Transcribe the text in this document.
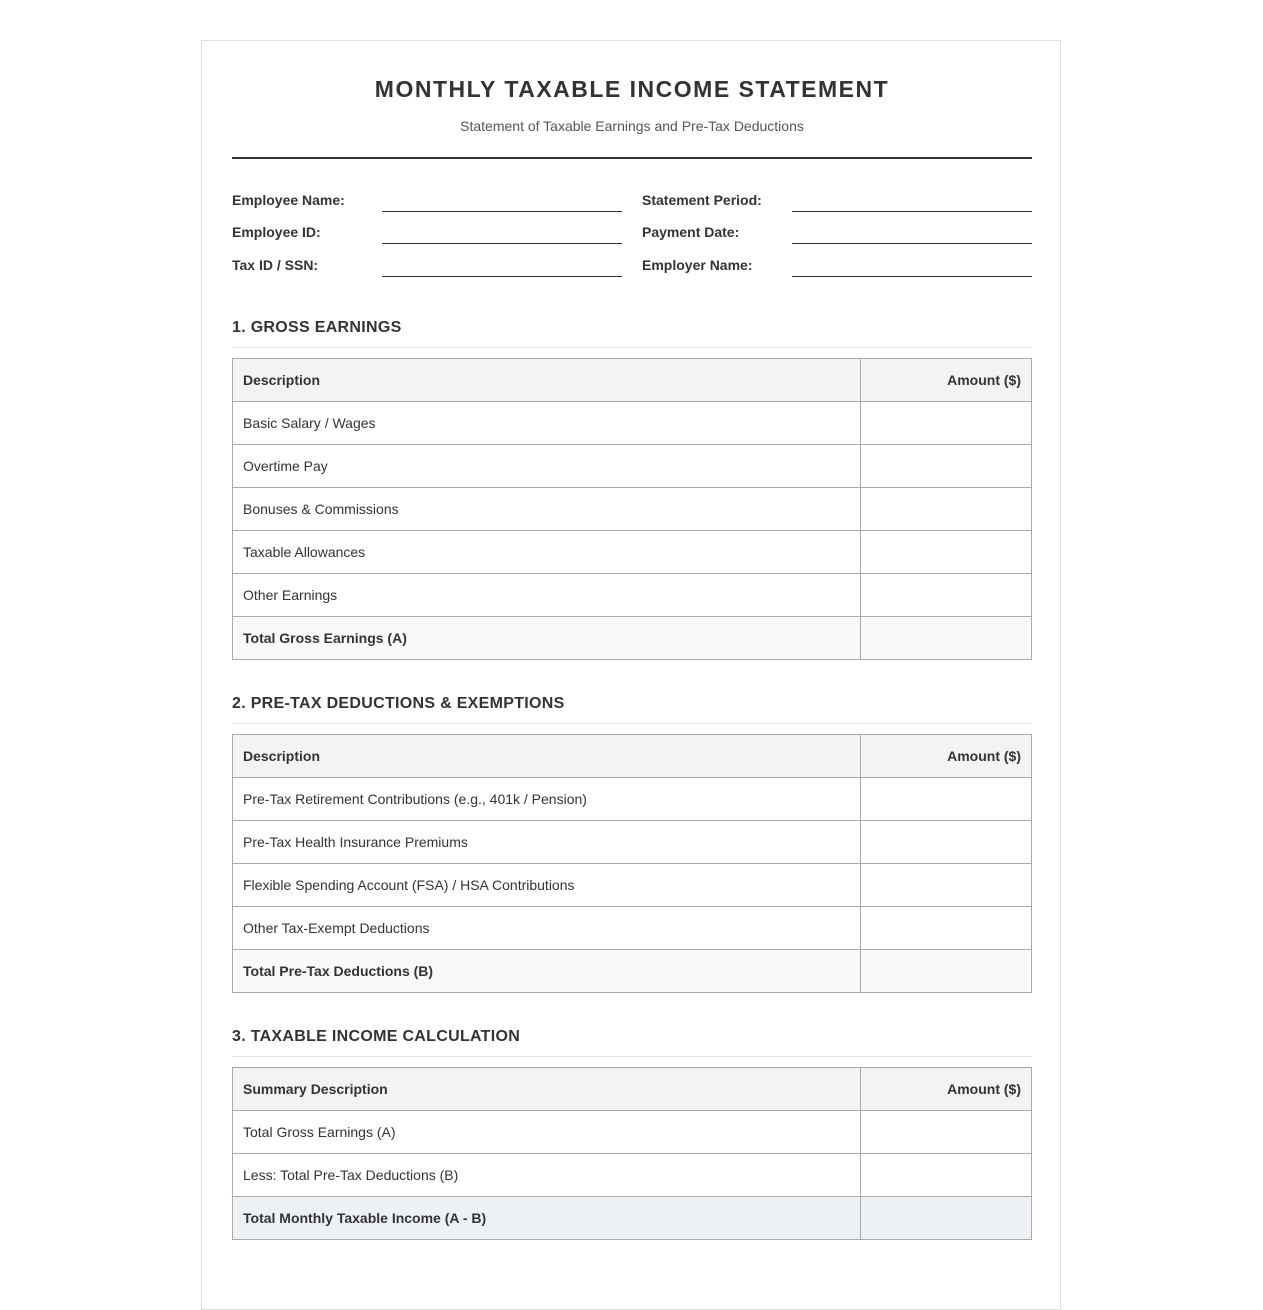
MONTHLY TAXABLE INCOME STATEMENT
Statement of Taxable Earnings and Pre-Tax Deductions
Employee Name:
Employee ID:
Tax ID / SSN:
Statement Period:
Payment Date:
Employer Name:
1. GROSS EARNINGS
Description	Amount ($)
Basic Salary / Wages	
Overtime Pay	
Bonuses & Commissions	
Taxable Allowances	
Other Earnings	
Total Gross Earnings (A)	
2. PRE-TAX DEDUCTIONS & EXEMPTIONS
Description	Amount ($)
Pre-Tax Retirement Contributions (e.g., 401k / Pension)	
Pre-Tax Health Insurance Premiums	
Flexible Spending Account (FSA) / HSA Contributions	
Other Tax-Exempt Deductions	
Total Pre-Tax Deductions (B)	
3. TAXABLE INCOME CALCULATION
Summary Description	Amount ($)
Total Gross Earnings (A)	
Less: Total Pre-Tax Deductions (B)	
Total Monthly Taxable Income (A - B)	
